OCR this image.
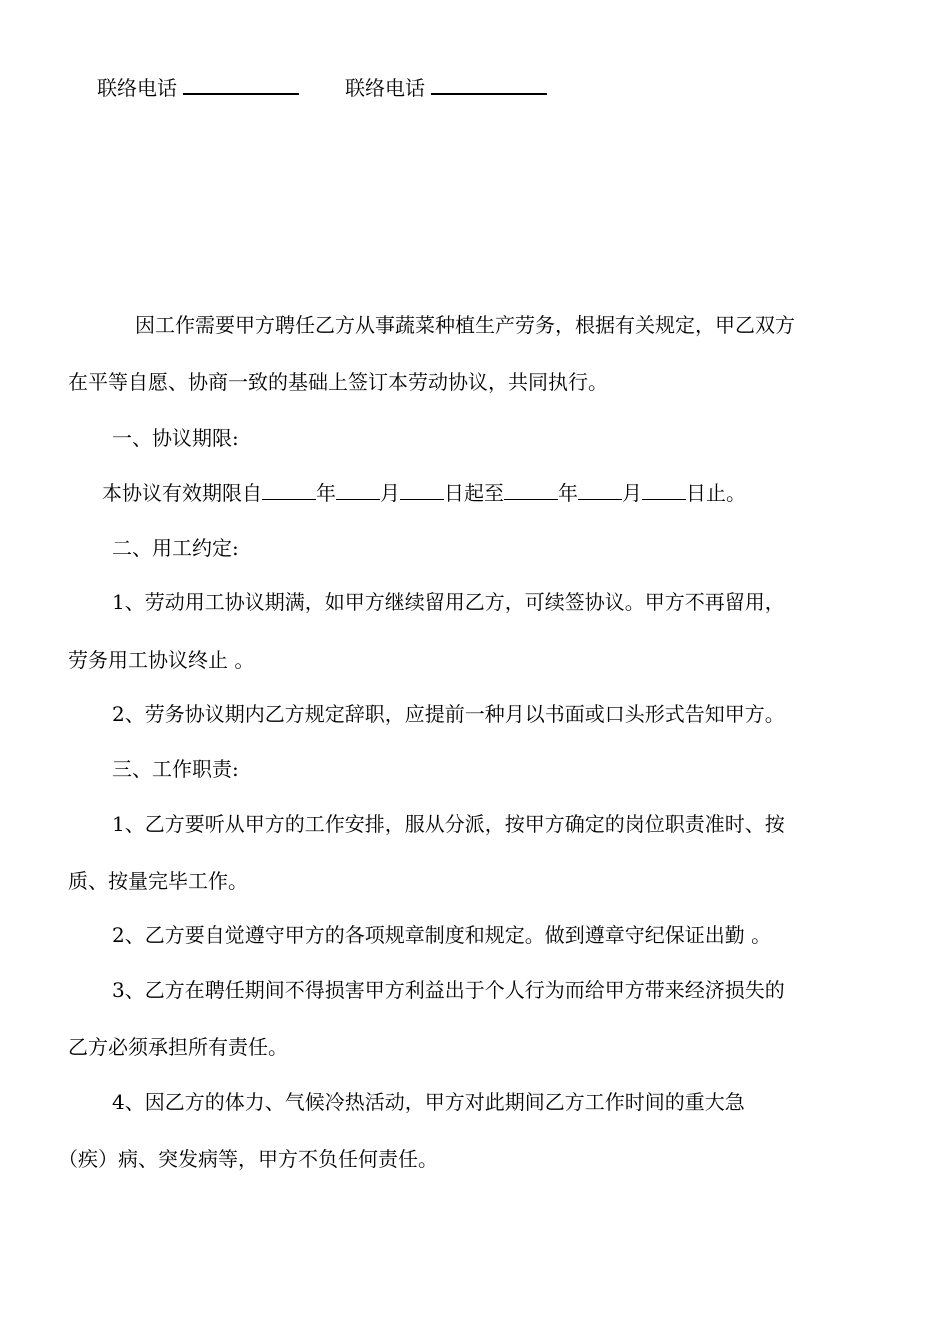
联络电话	联络电话

因工作需要甲方聘任乙方从事蔬菜种植生产劳务，根据有关规定，甲乙双方

在平等自愿、协商一致的基础上签订本劳动协议，共同执行。

一、协议期限:

本协议有效期限自	年 月 日起至	年 月 日止。

二、用工约定:

1、劳动用工协议期满，如甲方继续留用乙方，可续签协议。甲方不再留用，

劳务用工协议终止 。

2、劳务协议期内乙方规定辞职，应提前一种月以书面或口头形式告知甲方。

三、工作职责:

1、乙方要听从甲方的工作安排，服从分派，按甲方确定的岗位职责准时、按

质、按量完毕工作。

2、乙方要自觉遵守甲方的各项规章制度和规定。做到遵章守纪保证出勤 。

3、乙方在聘任期间不得损害甲方利益出于个人行为而给甲方带来经济损失的

乙方必须承担所有责任。

4、因乙方的体力、气候冷热活动，甲方对此期间乙方工作时间的重大急

（疾）病、突发病等，甲方不负任何责任。
